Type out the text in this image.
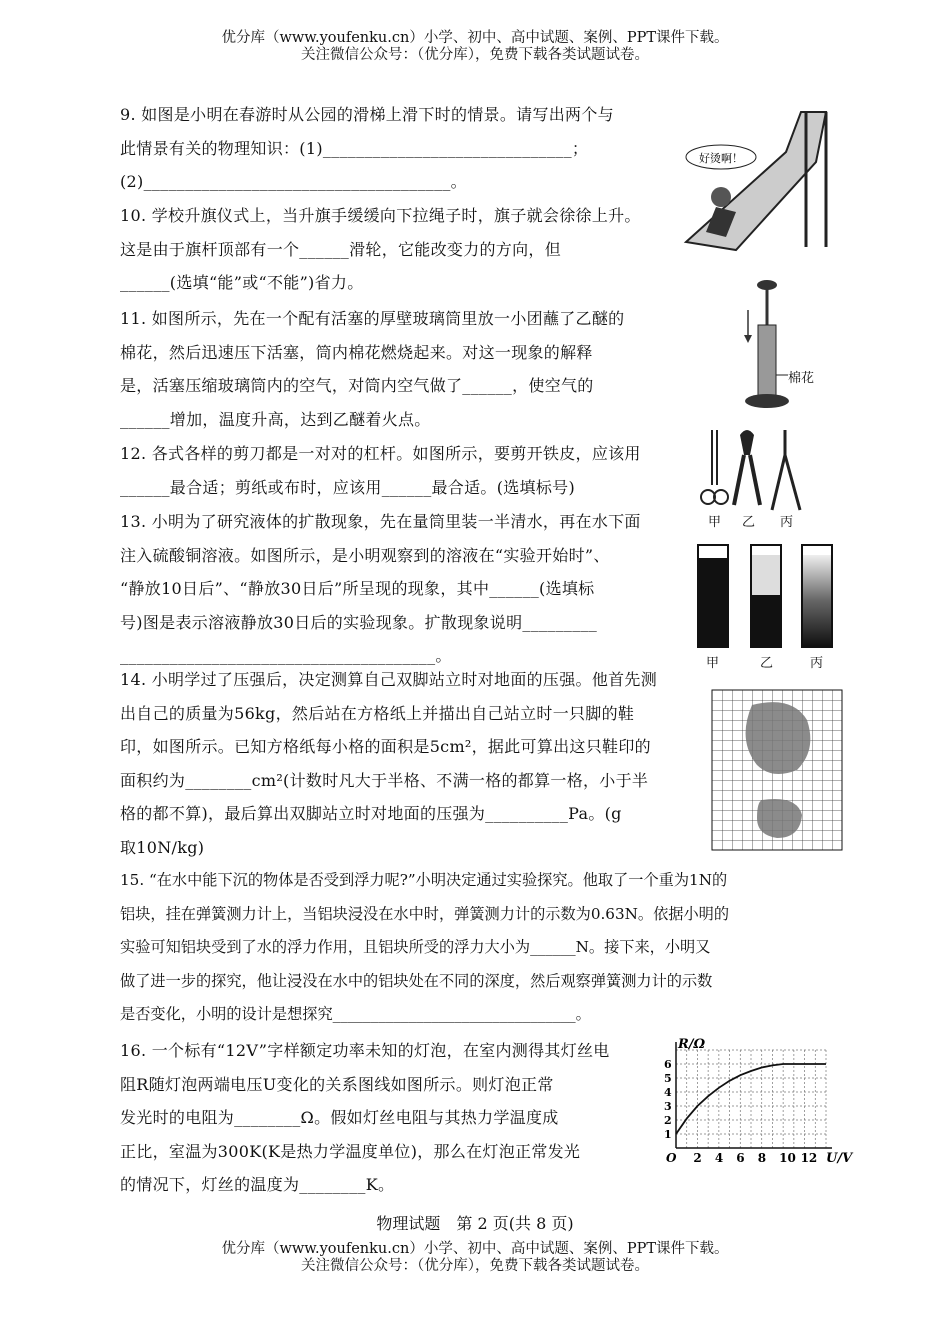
优分库（www.youfenku.cn）小学、初中、高中试题、案例、PPT课件下载。
关注微信公众号：（优分库），免费下载各类试题试卷。

9. 如图是小明在春游时从公园的滑梯上滑下时的情景。请写出两个与

此情景有关的物理知识：(1)______________________________；

(2)_____________________________________。

10. 学校升旗仪式上，当升旗手缓缓向下拉绳子时，旗子就会徐徐上升。

这是由于旗杆顶部有一个______滑轮，它能改变力的方向，但

______(选填“能”或“不能”)省力。

11. 如图所示，先在一个配有活塞的厚壁玻璃筒里放一小团蘸了乙醚的

棉花，然后迅速压下活塞，筒内棉花燃烧起来。对这一现象的解释

是，活塞压缩玻璃筒内的空气，对筒内空气做了______，使空气的

______增加，温度升高，达到乙醚着火点。

12. 各式各样的剪刀都是一对对的杠杆。如图所示，要剪开铁皮，应该用

______最合适；剪纸或布时，应该用______最合适。(选填标号)

13. 小明为了研究液体的扩散现象，先在量筒里装一半清水，再在水下面

注入硫酸铜溶液。如图所示，是小明观察到的溶液在“实验开始时”、

“静放10日后”、“静放30日后”所呈现的现象，其中______(选填标

号)图是表示溶液静放30日后的实验现象。扩散现象说明_________

______________________________________。

14. 小明学过了压强后，决定测算自己双脚站立时对地面的压强。他首先测

出自己的质量为56kg，然后站在方格纸上并描出自己站立时一只脚的鞋

印，如图所示。已知方格纸每小格的面积是5cm²，据此可算出这只鞋印的

面积约为________cm²(计数时凡大于半格、不满一格的都算一格，小于半

格的都不算)，最后算出双脚站立时对地面的压强为__________Pa。(g

取10N/kg)

15. “在水中能下沉的物体是否受到浮力呢?”小明决定通过实验探究。他取了一个重为1N的

铝块，挂在弹簧测力计上，当铝块浸没在水中时，弹簧测力计的示数为0.63N。依据小明的

实验可知铝块受到了水的浮力作用，且铝块所受的浮力大小为______N。接下来，小明又

做了进一步的探究，他让浸没在水中的铝块处在不同的深度，然后观察弹簧测力计的示数

是否变化，小明的设计是想探究________________________________。

16. 一个标有“12V”字样额定功率未知的灯泡，在室内测得其灯丝电

阻R随灯泡两端电压U变化的关系图线如图所示。则灯泡正常

发光时的电阻为________Ω。假如灯丝电阻与其热力学温度成

正比，室温为300K(K是热力学温度单位)，那么在灯泡正常发光

的情况下，灯丝的温度为________K。

好烫啊！
棉花
甲 乙 丙
甲	乙	丙
O 2 4 6 8 10 12
1
2
3
4
5
6
R/Ω
U/V
物理试题　第 2 页(共 8 页)
优分库（www.youfenku.cn）小学、初中、高中试题、案例、PPT课件下载。
关注微信公众号：（优分库），免费下载各类试题试卷。
